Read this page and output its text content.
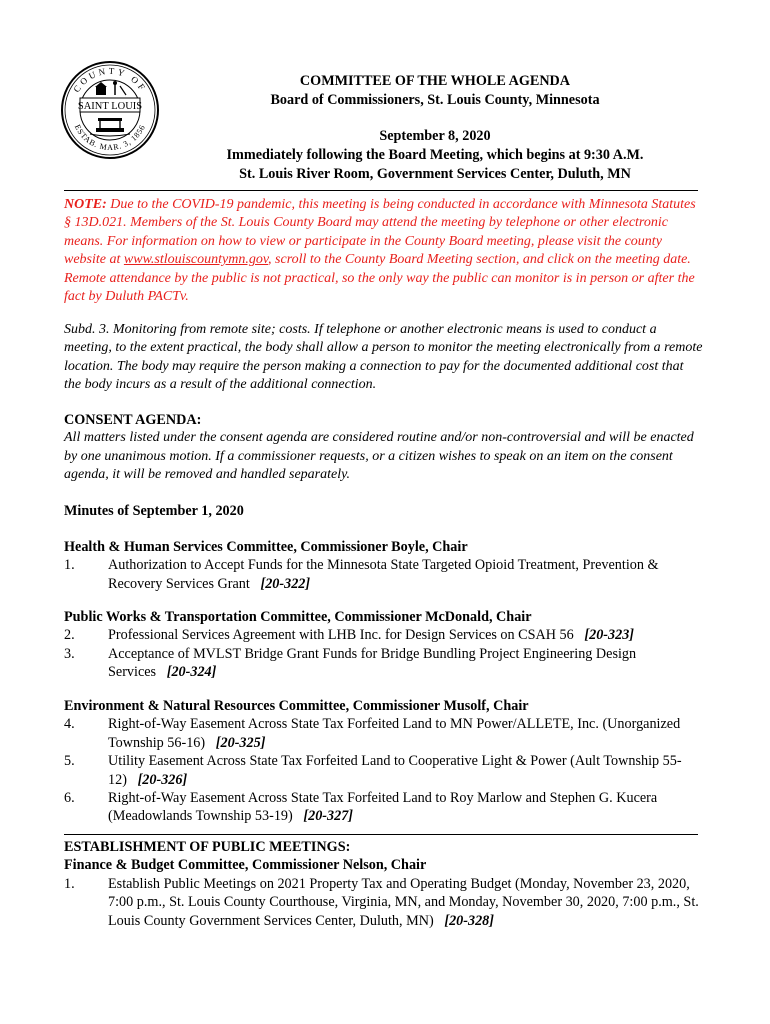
COUNTY OF
ESTAB. MAR. 3, 1856
SAINT LOUIS
COMMITTEE OF THE WHOLE AGENDA
Board of Commissioners, St. Louis County, Minnesota
September 8, 2020
Immediately following the Board Meeting, which begins at 9:30 A.M.
St. Louis River Room, Government Services Center, Duluth, MN
NOTE: Due to the COVID-19 pandemic, this meeting is being conducted in accordance with Minnesota Statutes § 13D.021. Members of the St. Louis County Board may attend the meeting by telephone or other electronic means. For information on how to view or participate in the County Board meeting, please visit the county website at www.stlouiscountymn.gov, scroll to the County Board Meeting section, and click on the meeting date. Remote attendance by the public is not practical, so the only way the public can monitor is in person or after the fact by Duluth PACTv.
Subd. 3. Monitoring from remote site; costs. If telephone or another electronic means is used to conduct a meeting, to the extent practical, the body shall allow a person to monitor the meeting electronically from a remote location. The body may require the person making a connection to pay for the documented additional cost that the body incurs as a result of the additional connection.
CONSENT AGENDA:
All matters listed under the consent agenda are considered routine and/or non-controversial and will be enacted by one unanimous motion. If a commissioner requests, or a citizen wishes to speak on an item on the consent agenda, it will be removed and handled separately.
Minutes of September 1, 2020
Health & Human Services Committee, Commissioner Boyle, Chair
1. Authorization to Accept Funds for the Minnesota State Targeted Opioid Treatment, Prevention & Recovery Services Grant [20-322]
Public Works & Transportation Committee, Commissioner McDonald, Chair
2. Professional Services Agreement with LHB Inc. for Design Services on CSAH 56 [20-323]
3. Acceptance of MVLST Bridge Grant Funds for Bridge Bundling Project Engineering Design Services [20-324]
Environment & Natural Resources Committee, Commissioner Musolf, Chair
4. Right-of-Way Easement Across State Tax Forfeited Land to MN Power/ALLETE, Inc. (Unorganized Township 56-16) [20-325]
5. Utility Easement Across State Tax Forfeited Land to Cooperative Light & Power (Ault Township 55-12) [20-326]
6. Right-of-Way Easement Across State Tax Forfeited Land to Roy Marlow and Stephen G. Kucera (Meadowlands Township 53-19) [20-327]
ESTABLISHMENT OF PUBLIC MEETINGS:
Finance & Budget Committee, Commissioner Nelson, Chair
1. Establish Public Meetings on 2021 Property Tax and Operating Budget (Monday, November 23, 2020, 7:00 p.m., St. Louis County Courthouse, Virginia, MN, and Monday, November 30, 2020, 7:00 p.m., St. Louis County Government Services Center, Duluth, MN) [20-328]
